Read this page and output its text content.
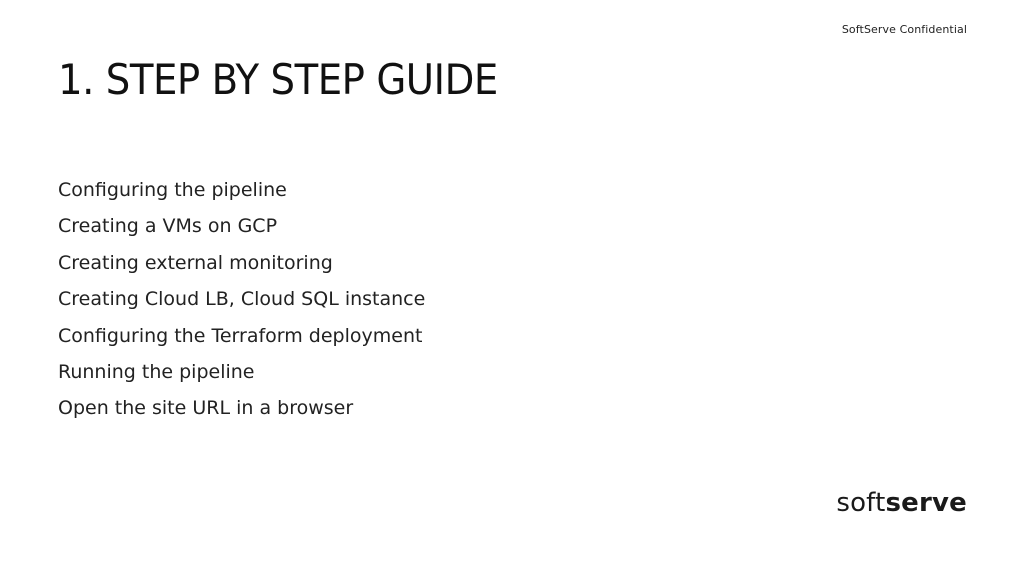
SoftServe Confidential
1. STEP BY STEP GUIDE
Configuring the pipeline
Creating a VMs on GCP
Creating external monitoring
Creating Cloud LB, Cloud SQL instance
Configuring the Terraform deployment
Running the pipeline
Open the site URL in a browser
softserve
